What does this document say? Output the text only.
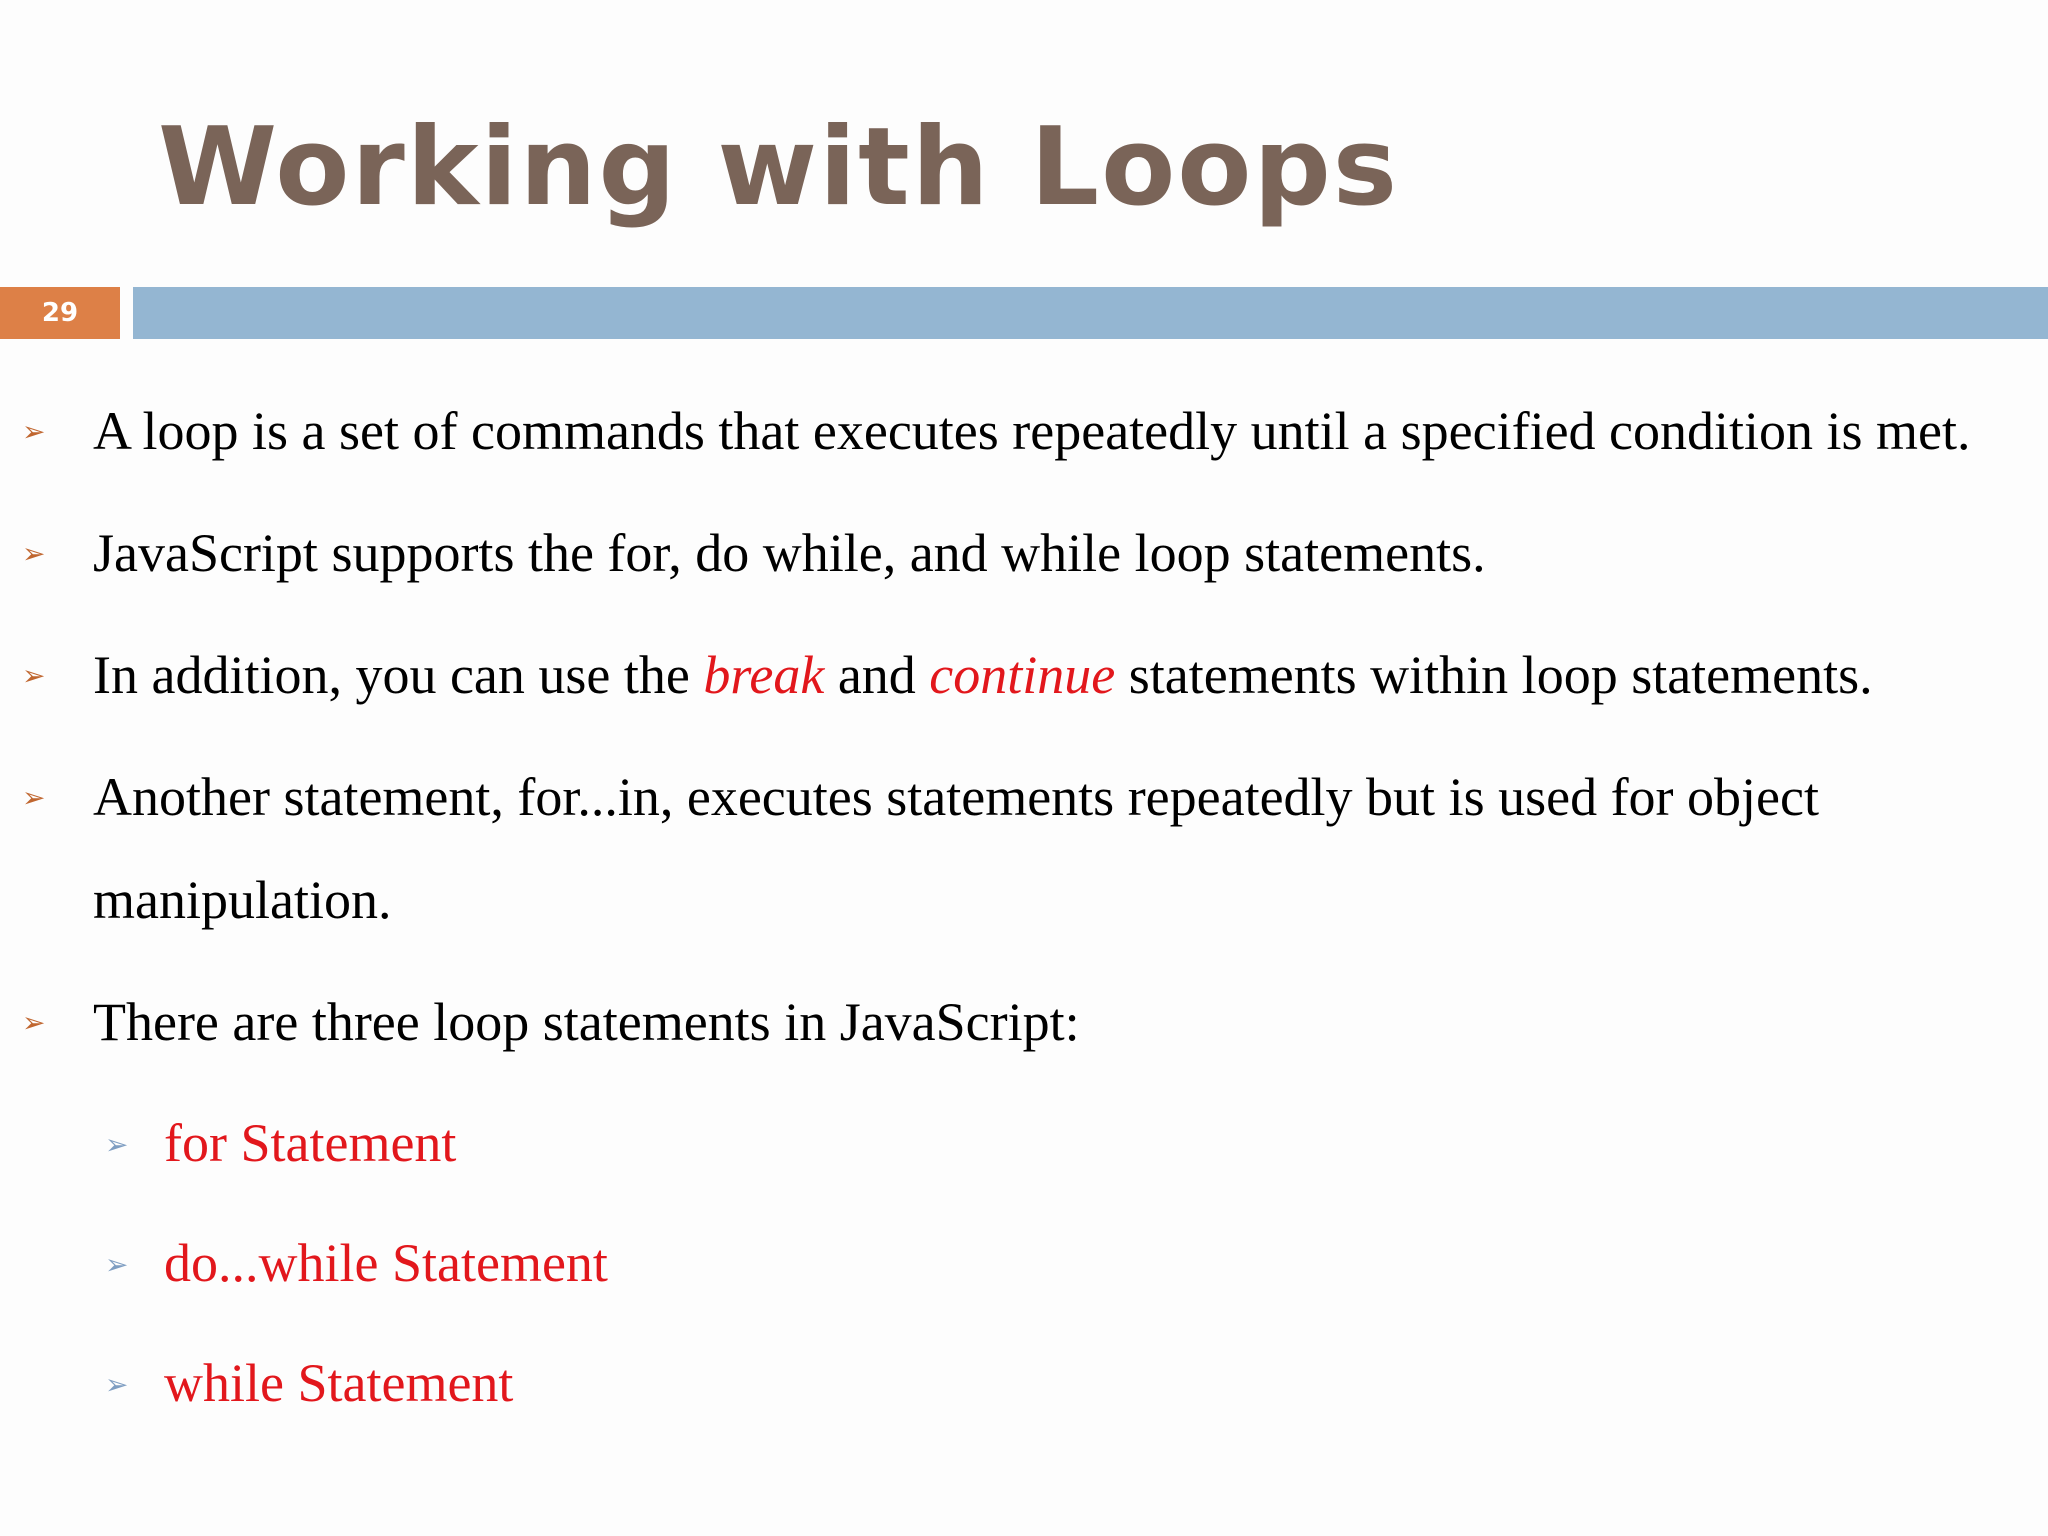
Working with Loops
29
➢ A loop is a set of commands that executes repeatedly until a specified condition is met.
➢ JavaScript supports the for, do while, and while loop statements.
➢ In addition, you can use the break and continue statements within loop statements.
➢ Another statement, for...in, executes statements repeatedly but is used for object manipulation.
➢ There are three loop statements in JavaScript:
➢ for Statement
➢ do...while Statement
➢ while Statement
